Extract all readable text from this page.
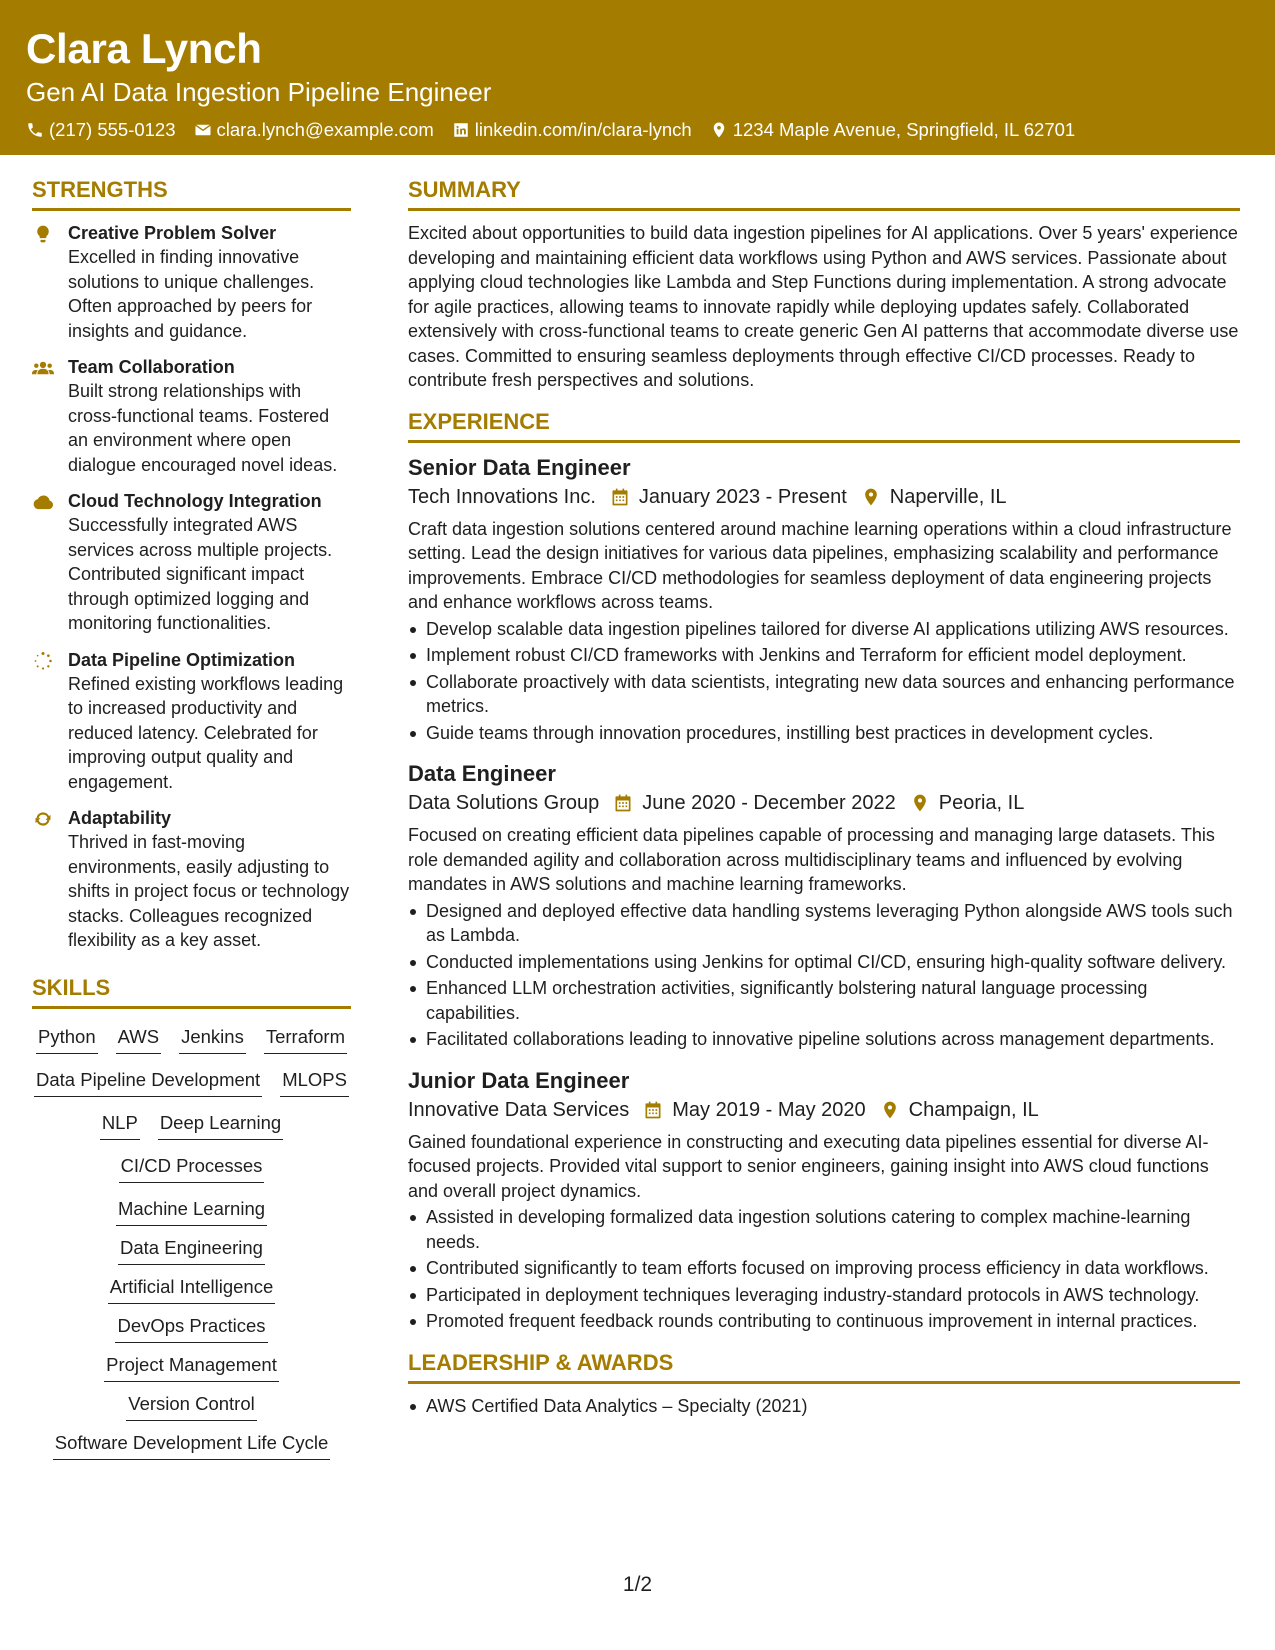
Clara Lynch
Gen AI Data Ingestion Pipeline Engineer
(217) 555-0123 clara.lynch@example.com linkedin.com/in/clara-lynch 1234 Maple Avenue, Springfield, IL 62701
STRENGTHS
Creative Problem Solver
Excelled in finding innovative solutions to unique challenges. Often approached by peers for insights and guidance.
Team Collaboration
Built strong relationships with cross-functional teams. Fostered an environment where open dialogue encouraged novel ideas.
Cloud Technology Integration
Successfully integrated AWS services across multiple projects. Contributed significant impact through optimized logging and monitoring functionalities.
Data Pipeline Optimization
Refined existing workflows leading to increased productivity and reduced latency. Celebrated for improving output quality and engagement.
Adaptability
Thrived in fast-moving environments, easily adjusting to shifts in project focus or technology stacks. Colleagues recognized flexibility as a key asset.
SKILLS
Python AWS Jenkins Terraform
Data Pipeline Development MLOPS
NLP Deep Learning
CI/CD Processes
Machine Learning
Data Engineering
Artificial Intelligence
DevOps Practices
Project Management
Version Control
Software Development Life Cycle
SUMMARY
Excited about opportunities to build data ingestion pipelines for AI applications. Over 5 years' experience developing and maintaining efficient data workflows using Python and AWS services. Passionate about applying cloud technologies like Lambda and Step Functions during implementation. A strong advocate for agile practices, allowing teams to innovate rapidly while deploying updates safely. Collaborated extensively with cross-functional teams to create generic Gen AI patterns that accommodate diverse use cases. Committed to ensuring seamless deployments through effective CI/CD processes. Ready to contribute fresh perspectives and solutions.
EXPERIENCE
Senior Data Engineer
Tech Innovations Inc. January 2023 - Present Naperville, IL
Craft data ingestion solutions centered around machine learning operations within a cloud infrastructure setting. Lead the design initiatives for various data pipelines, emphasizing scalability and performance improvements. Embrace CI/CD methodologies for seamless deployment of data engineering projects and enhance workflows across teams.
Develop scalable data ingestion pipelines tailored for diverse AI applications utilizing AWS resources.
Implement robust CI/CD frameworks with Jenkins and Terraform for efficient model deployment.
Collaborate proactively with data scientists, integrating new data sources and enhancing performance metrics.
Guide teams through innovation procedures, instilling best practices in development cycles.
Data Engineer
Data Solutions Group June 2020 - December 2022 Peoria, IL
Focused on creating efficient data pipelines capable of processing and managing large datasets. This role demanded agility and collaboration across multidisciplinary teams and influenced by evolving mandates in AWS solutions and machine learning frameworks.
Designed and deployed effective data handling systems leveraging Python alongside AWS tools such as Lambda.
Conducted implementations using Jenkins for optimal CI/CD, ensuring high-quality software delivery.
Enhanced LLM orchestration activities, significantly bolstering natural language processing capabilities.
Facilitated collaborations leading to innovative pipeline solutions across management departments.
Junior Data Engineer
Innovative Data Services May 2019 - May 2020 Champaign, IL
Gained foundational experience in constructing and executing data pipelines essential for diverse AI-focused projects. Provided vital support to senior engineers, gaining insight into AWS cloud functions and overall project dynamics.
Assisted in developing formalized data ingestion solutions catering to complex machine-learning needs.
Contributed significantly to team efforts focused on improving process efficiency in data workflows.
Participated in deployment techniques leveraging industry-standard protocols in AWS technology.
Promoted frequent feedback rounds contributing to continuous improvement in internal practices.
LEADERSHIP & AWARDS
AWS Certified Data Analytics – Specialty (2021)
1/2
